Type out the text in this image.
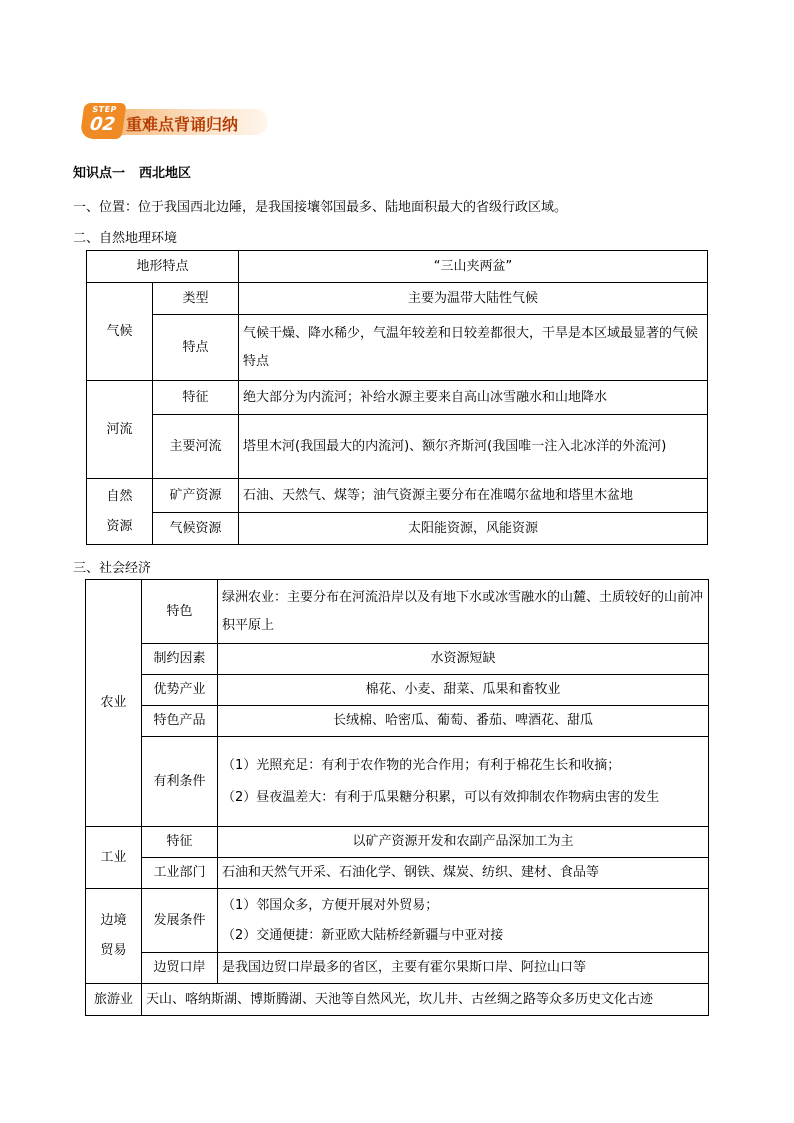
重难点背诵归纳
STEP
02
知识点一 西北地区
一、位置：位于我国西北边陲，是我国接壤邻国最多、陆地面积最大的省级行政区域。
二、自然地理环境
地形特点		“三山夹两盆”
气候	类型	主要为温带大陆性气候
	特点	气候干燥、降水稀少，气温年较差和日较差都很大，干旱是本区域最显著的气候特点
河流	特征	绝大部分为内流河；补给水源主要来自高山冰雪融水和山地降水
	主要河流	塔里木河(我国最大的内流河)、额尔齐斯河(我国唯一注入北冰洋的外流河)
自然
资源	矿产资源	石油、天然气、煤等；油气资源主要分布在准噶尔盆地和塔里木盆地
	气候资源	太阳能资源，风能资源
三、社会经济
农业	特色	绿洲农业：主要分布在河流沿岸以及有地下水或冰雪融水的山麓、土质较好的山前冲积平原上
	制约因素	水资源短缺
	优势产业	棉花、小麦、甜菜、瓜果和畜牧业
	特色产品	长绒棉、哈密瓜、葡萄、番茄、啤酒花、甜瓜
	有利条件	（1）光照充足：有利于农作物的光合作用；有利于棉花生长和收摘；
（2）昼夜温差大：有利于瓜果糖分积累，可以有效抑制农作物病虫害的发生
工业	特征	以矿产资源开发和农副产品深加工为主
	工业部门	石油和天然气开采、石油化学、钢铁、煤炭、纺织、建材、食品等
边境
贸易	发展条件	（1）邻国众多，方便开展对外贸易；
（2）交通便捷：新亚欧大陆桥经新疆与中亚对接
	边贸口岸	是我国边贸口岸最多的省区，主要有霍尔果斯口岸、阿拉山口等
旅游业	天山、喀纳斯湖、博斯腾湖、天池等自然风光，坎儿井、古丝绸之路等众多历史文化古迹	
